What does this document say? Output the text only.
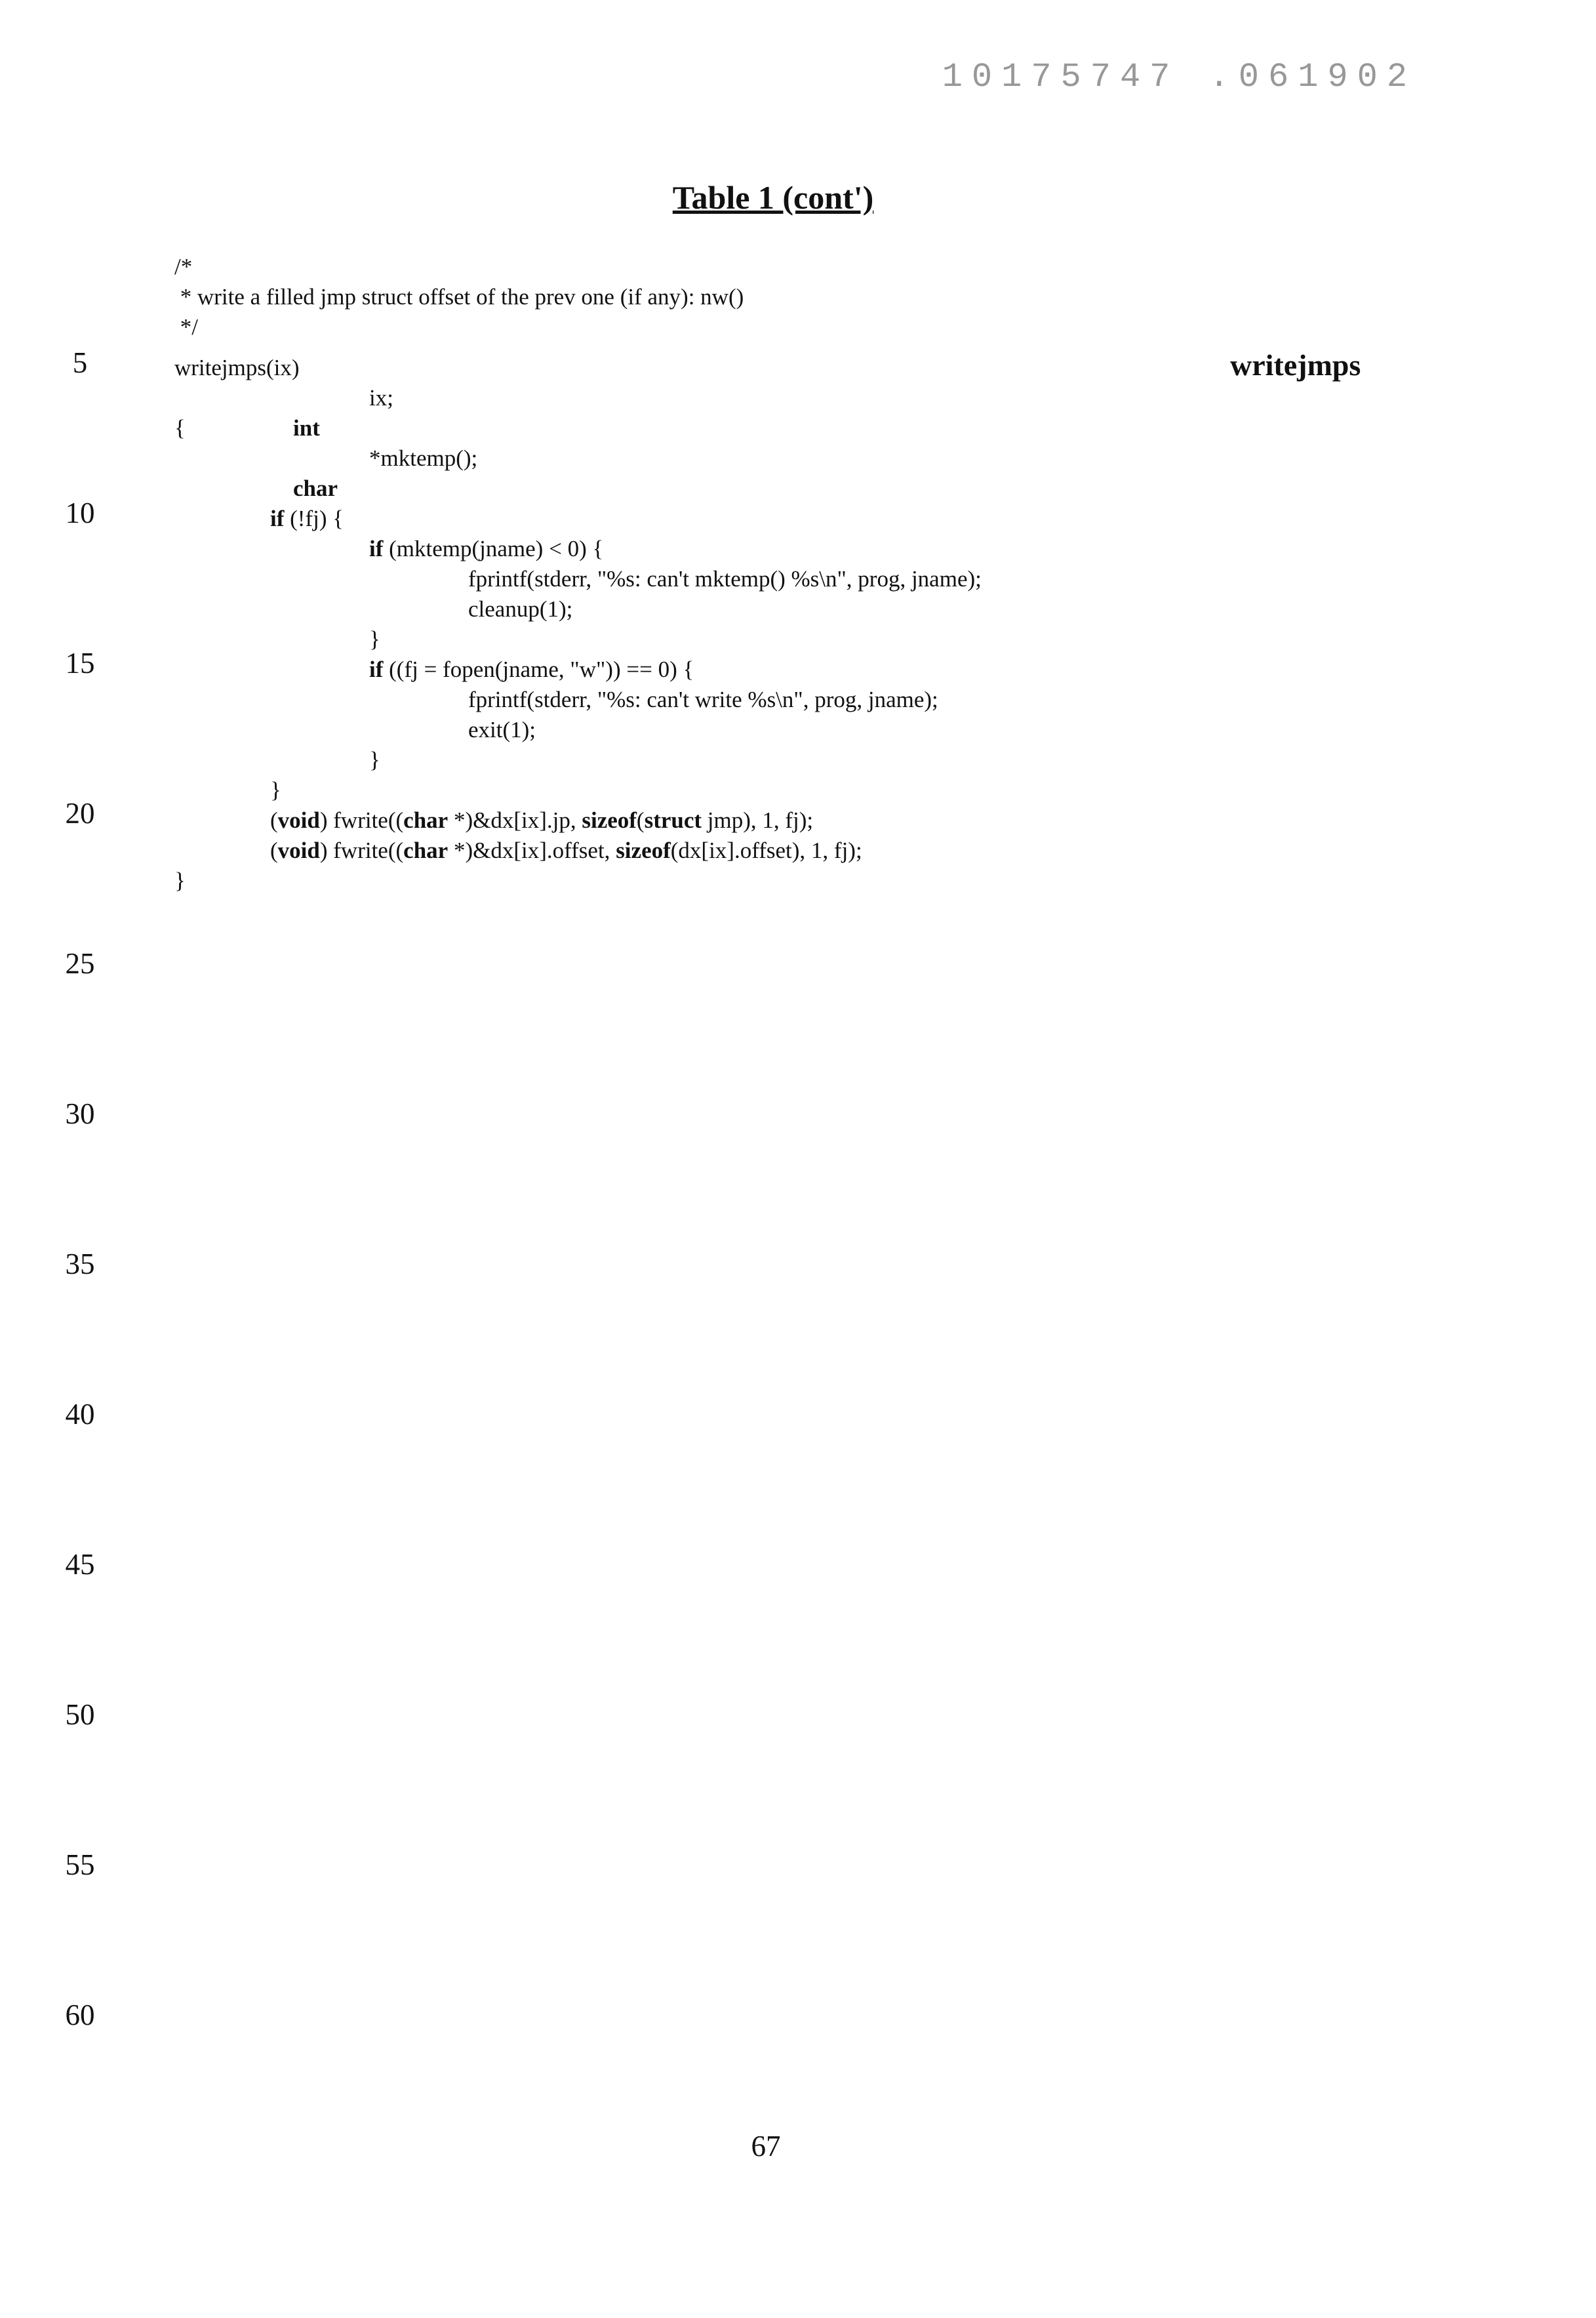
10175747 .061902
Table 1 (cont')
writejmps
5
10
15
20
25
30
35
40
45
50
55
60
/*
* write a filled jmp struct offset of the prev one (if any): nw()
*/
writejmps(ix)

int

ix;
{

char

*mktemp();
if (!fj) {
if (mktemp(jname) < 0) {
fprintf(stderr, "%s: can't mktemp() %s\n", prog, jname);
cleanup(1);
}
if ((fj = fopen(jname, "w")) == 0) {
fprintf(stderr, "%s: can't write %s\n", prog, jname);
exit(1);
}
}
(void) fwrite((char *)&dx[ix].jp, sizeof(struct jmp), 1, fj);
(void) fwrite((char *)&dx[ix].offset, sizeof(dx[ix].offset), 1, fj);
}
67
